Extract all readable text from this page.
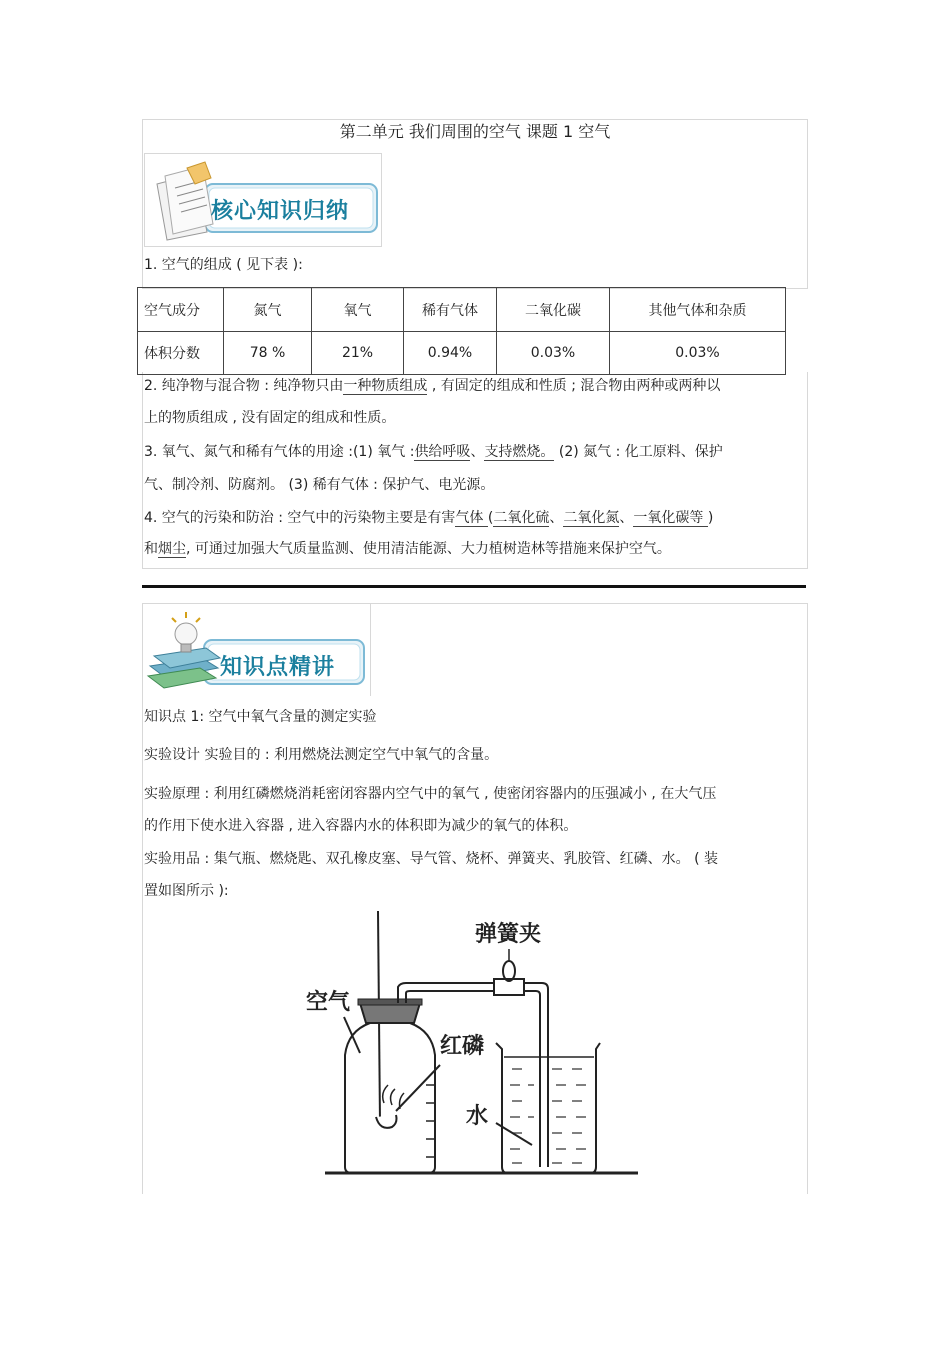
第二单元 我们周围的空气 课题 1 空气
核心知识归纳
1. 空气的组成 ( 见下表 ):
空气成分	氮气	氧气	稀有气体	二氧化碳	其他气体和杂质
体积分数	78 %	21%	0.94%	0.03%	0.03%
2. 纯净物与混合物 : 纯净物只由一种物质组成 , 有固定的组成和性质 ; 混合物由两种或两种以
上的物质组成 , 没有固定的组成和性质。
3. 氧气、氮气和稀有气体的用途 :(1) 氧气 :供给呼吸、支持燃烧。 (2) 氮气 : 化工原料、保护
气、制冷剂、防腐剂。 (3) 稀有气体 : 保护气、电光源。
4. 空气的污染和防治 : 空气中的污染物主要是有害气体 (二氧化硫、二氧化氮、一氧化碳等 )
和烟尘, 可通过加强大气质量监测、使用清洁能源、大力植树造林等措施来保护空气。
知识点精讲
知识点 1: 空气中氧气含量的测定实验
实验设计 实验目的 : 利用燃烧法测定空气中氧气的含量。
实验原理 : 利用红磷燃烧消耗密闭容器内空气中的氧气 , 使密闭容器内的压强减小 , 在大气压
的作用下使水进入容器 , 进入容器内水的体积即为减少的氧气的体积。
实验用品 : 集气瓶、燃烧匙、双孔橡皮塞、导气管、烧杯、弹簧夹、乳胶管、红磷、水。 ( 装
置如图所示 ):
弹簧夹
空气
红磷
水
